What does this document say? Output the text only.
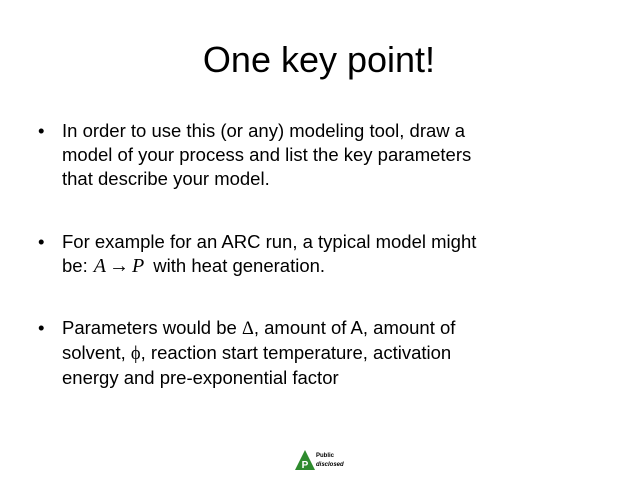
One key point!
• In order to use this (or any) modeling tool, draw a
model of your process and list the key parameters
that describe your model.
• For example for an ARC run, a typical model might
be: A → P with heat generation.
• Parameters would be Δ, amount of A, amount of
solvent, ϕ, reaction start temperature, activation
energy and pre-exponential factor
P
Public
disclosed
